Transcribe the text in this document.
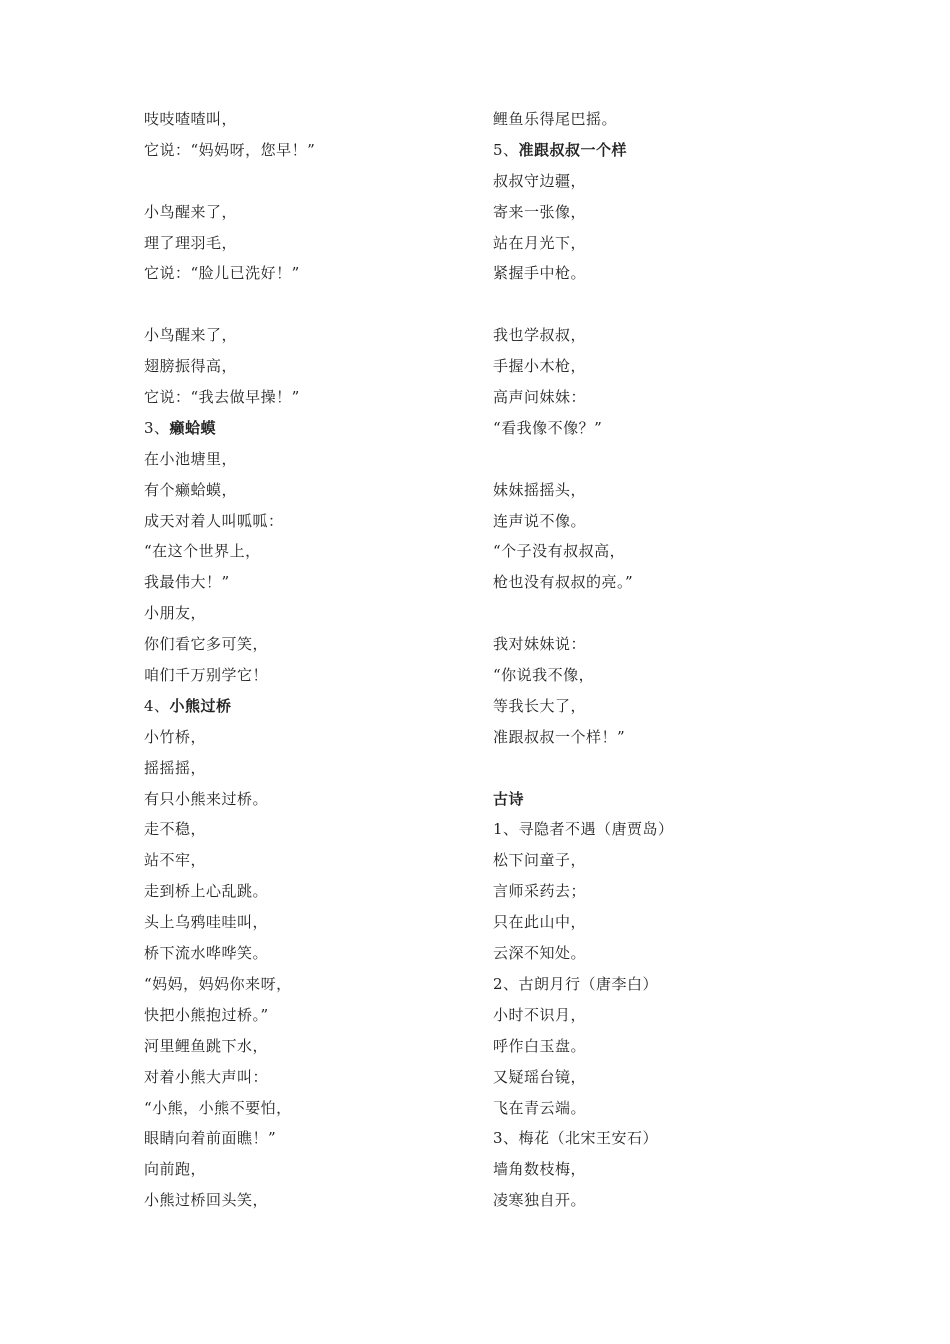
吱吱喳喳叫，
它说：“妈妈呀，您早！”
小鸟醒来了，
理了理羽毛，
它说：“脸儿已洗好！”
小鸟醒来了，
翅膀振得高，
它说：“我去做早操！”
3、癞蛤蟆
在小池塘里，
有个癞蛤蟆，
成天对着人叫呱呱：
“在这个世界上，
我最伟大！”
小朋友，
你们看它多可笑，
咱们千万别学它！
4、小熊过桥
小竹桥，
摇摇摇，
有只小熊来过桥。
走不稳，
站不牢，
走到桥上心乱跳。
头上乌鸦哇哇叫，
桥下流水哗哗笑。
“妈妈，妈妈你来呀，
快把小熊抱过桥。”
河里鲤鱼跳下水，
对着小熊大声叫：
“小熊，小熊不要怕，
眼睛向着前面瞧！”
向前跑，
小熊过桥回头笑，
鲤鱼乐得尾巴摇。
5、准跟叔叔一个样
叔叔守边疆，
寄来一张像，
站在月光下，
紧握手中枪。
我也学叔叔，
手握小木枪，
高声问妹妹：
“看我像不像？”
妹妹摇摇头，
连声说不像。
“个子没有叔叔高，
枪也没有叔叔的亮。”
我对妹妹说：
“你说我不像，
等我长大了，
准跟叔叔一个样！”
古诗
1、寻隐者不遇（唐贾岛）
松下问童子，
言师采药去；
只在此山中，
云深不知处。
2、古朗月行（唐李白）
小时不识月，
呼作白玉盘。
又疑瑶台镜，
飞在青云端。
3、梅花（北宋王安石）
墙角数枝梅，
凌寒独自开。
